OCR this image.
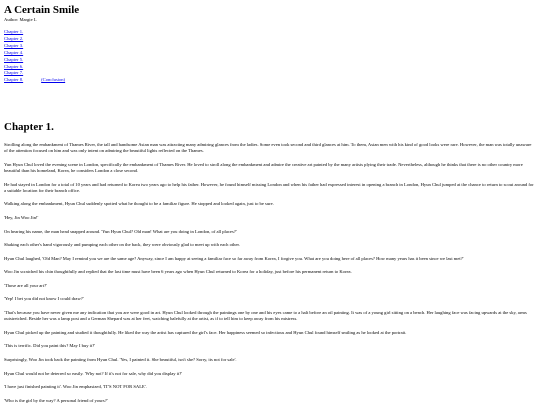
A Certain Smile
Author: Margie L
Chapter 1.
Chapter 2.
Chapter 3.
Chapter 4.
Chapter 5.
Chapter 6.
Chapter 7.
Chapter 8.	(Conclusion)
Chapter 1.

Strolling along the embankment of Thames River, the tall and handsome Asian man was attracting many admiring glances from the ladies. Some even took second and third glances at him. To them, Asian men with his kind of good looks were rare. However, the man was totally unaware of the attention focused on him and was only intent on admiring the beautiful lights reflected on the Thames.

Yun Hyun Chul loved the evening scene in London, specifically the embankment of Thames River. He loved to stroll along the embankment and admire the creative art painted by the many artists plying their trade. Nevertheless, although he thinks that there is no other country more beautiful than his homeland, Korea, he considers London a close second.

He had stayed in London for a total of 10 years and had returned to Korea two years ago to help his father. However, he found himself missing London and when his father had expressed interest in opening a branch in London, Hyun Chul jumped at the chance to return to scout around for a suitable location for their branch office.

Walking along the embankment, Hyun Chul suddenly spotted what he thought to be a familiar figure. He stopped and looked again, just to be sure.

'Hey, Jin Woo Jin!'

On hearing his name, the man head snapped around. 'Yun Hyun Chul? Old man! What are you doing in London, of all places?'

Shaking each other's hand vigorously and pumping each other on the back, they were obviously glad to meet up with each other.

Hyun Chul laughed, 'Old Man? May I remind you we are the same age? Anyway, since I am happy at seeing a familiar face so far away from Korea, I forgive you. What are you doing here of all places? How many years has it been since we last met?'

Woo Jin scratched his chin thoughtfully and replied that the last time must have been 6 years ago when Hyun Chul returned to Korea for a holiday, just before his permanent return to Korea.

'Those are all your art?'

'Yep! I bet you did not know I could draw?'

'That's because you have never given me any indication that you are were good in art. Hyun Chul looked through the paintings one by one and his eyes came to a halt before an oil painting. It was of a young girl sitting on a bench. Her laughing face was facing upwards at the sky, arms outstretched. Beside her was a lamp post and a German Shepard was at her feet, watching balefully at the artist, as if to tell him to keep away from his mistress.

Hyun Chul picked up the painting and studied it thoughtfully. He liked the way the artist has captured the girl's face. Her happiness seemed so infectious and Hyun Chul found himself smiling as he looked at the portrait.

'This is terrific. Did you paint this? May I buy it?'

Surprisingly, Woo Jin took back the painting from Hyun Chul. 'Yes, I painted it. She beautiful, isn't she? Sorry, its not for sale'.

Hyun Chul would not be deterred so easily. 'Why not? If it's not for sale, why did you display it?'

'I have just finished painting it'. Woo Jin emphasized, 'IT'S NOT FOR SALE'.

'Who is the girl by the way? A personal friend of yours?'
